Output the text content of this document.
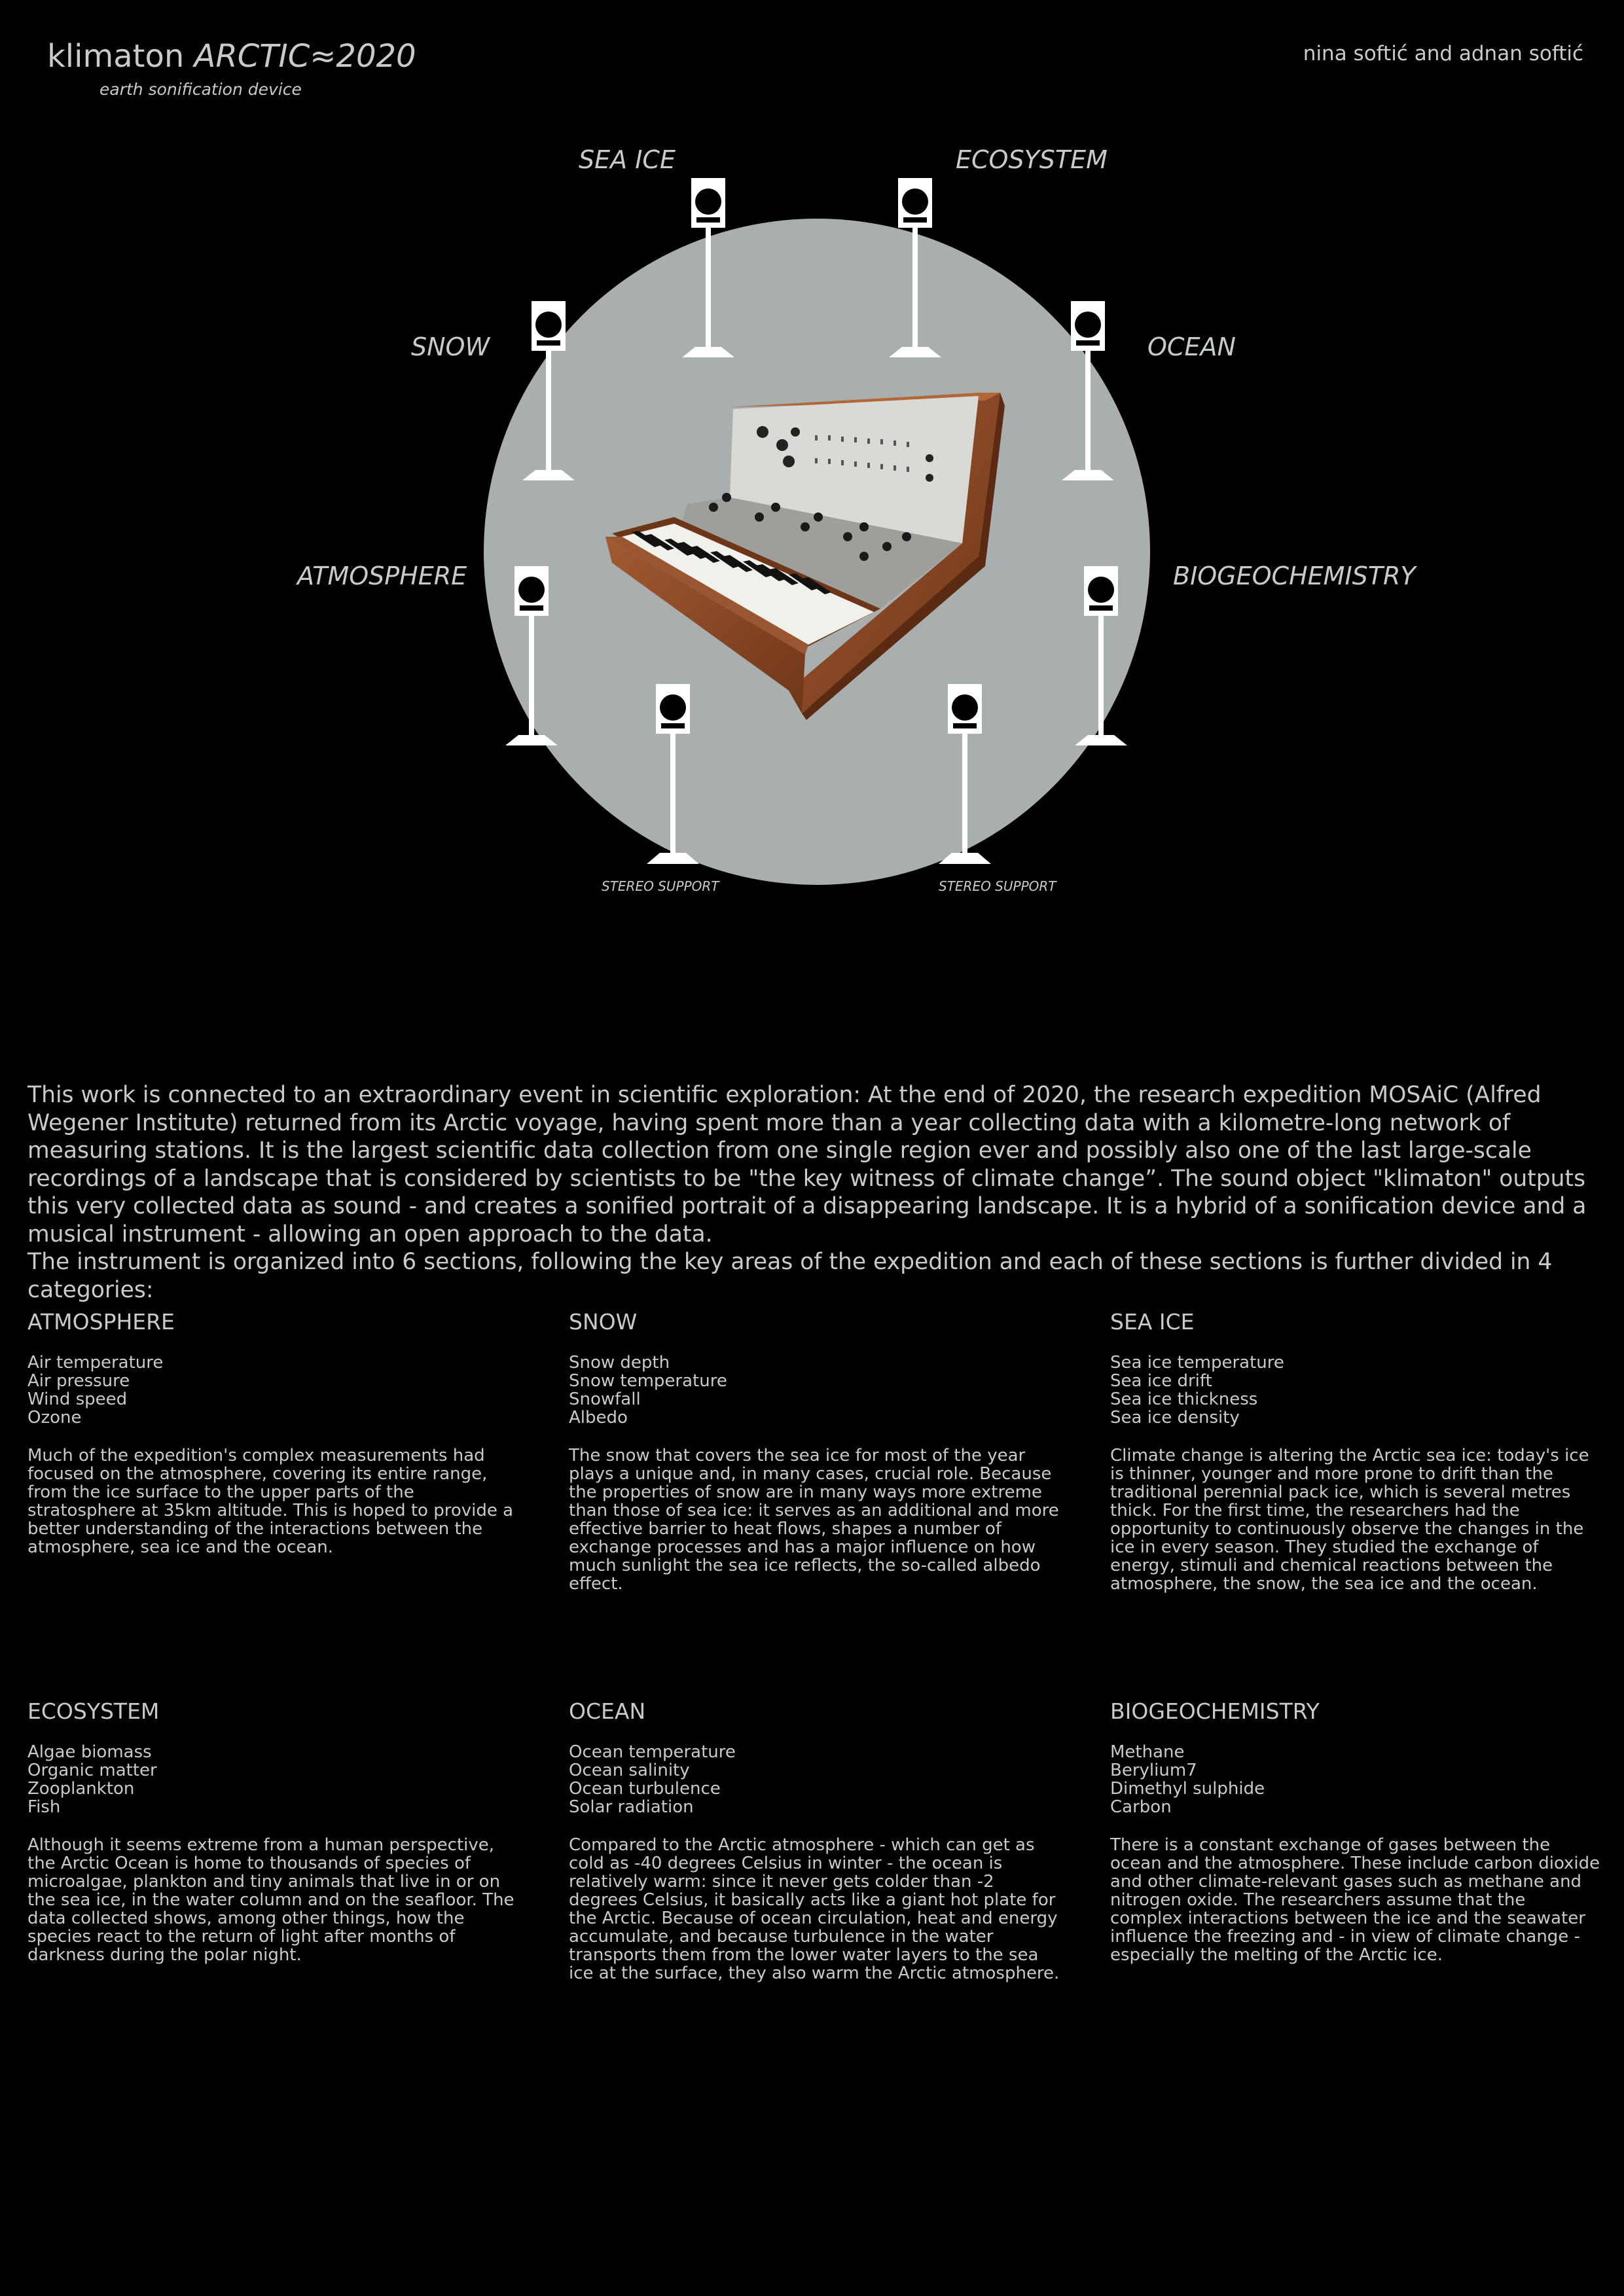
klimaton ARCTIC≈2020
earth sonification device
nina softić and adnan softić
SEA ICE	ECOSYSTEM
SNOW	OCEAN
ATMOSPHERE	BIOGEOCHEMISTRY
STEREO SUPPORT	STEREO SUPPORT

This work is connected to an extraordinary event in scientific exploration: At the end of 2020, the research expedition MOSAiC (Alfred Wegener Institute) returned from its Arctic voyage, having spent more than a year collecting data with a kilometre-long network of measuring stations. It is the largest scientific data collection from one single region ever and possibly also one of the last large-scale recordings of a landscape that is considered by scientists to be "the key witness of climate change”. The sound object "klimaton" outputs this very collected data as sound - and creates a sonified portrait of a disappearing landscape. It is a hybrid of a sonification device and a musical instrument - allowing an open approach to the data.

The instrument is organized into 6 sections, following the key areas of the expedition and each of these sections is further divided in 4 categories:

ATMOSPHERE
Air temperature
Air pressure
Wind speed
Ozone

Much of the expedition's complex measurements had focused on the atmosphere, covering its entire range, from the ice surface to the upper parts of the stratosphere at 35km altitude. This is hoped to provide a better understanding of the interactions between the atmosphere, sea ice and the ocean.

SNOW
Snow depth
Snow temperature
Snowfall
Albedo

The snow that covers the sea ice for most of the year plays a unique and, in many cases, crucial role. Because the properties of snow are in many ways more extreme than those of sea ice: it serves as an additional and more effective barrier to heat flows, shapes a number of exchange processes and has a major influence on how much sunlight the sea ice reflects, the so-called albedo effect.

SEA ICE
Sea ice temperature
Sea ice drift
Sea ice thickness
Sea ice density

Climate change is altering the Arctic sea ice: today's ice is thinner, younger and more prone to drift than the traditional perennial pack ice, which is several metres thick. For the first time, the researchers had the opportunity to continuously observe the changes in the ice in every season. They studied the exchange of energy, stimuli and chemical reactions between the atmosphere, the snow, the sea ice and the ocean.

ECOSYSTEM
Algae biomass
Organic matter
Zooplankton
Fish

Although it seems extreme from a human perspective, the Arctic Ocean is home to thousands of species of microalgae, plankton and tiny animals that live in or on the sea ice, in the water column and on the seafloor. The data collected shows, among other things, how the species react to the return of light after months of darkness during the polar night.

OCEAN
Ocean temperature
Ocean salinity
Ocean turbulence
Solar radiation

Compared to the Arctic atmosphere - which can get as cold as -40 degrees Celsius in winter - the ocean is relatively warm: since it never gets colder than -2 degrees Celsius, it basically acts like a giant hot plate for the Arctic. Because of ocean circulation, heat and energy accumulate, and because turbulence in the water transports them from the lower water layers to the sea ice at the surface, they also warm the Arctic atmosphere.

BIOGEOCHEMISTRY
Methane
Berylium7
Dimethyl sulphide
Carbon

There is a constant exchange of gases between the ocean and the atmosphere. These include carbon dioxide and other climate-relevant gases such as methane and nitrogen oxide. The researchers assume that the complex interactions between the ice and the seawater influence the freezing and - in view of climate change - especially the melting of the Arctic ice.
